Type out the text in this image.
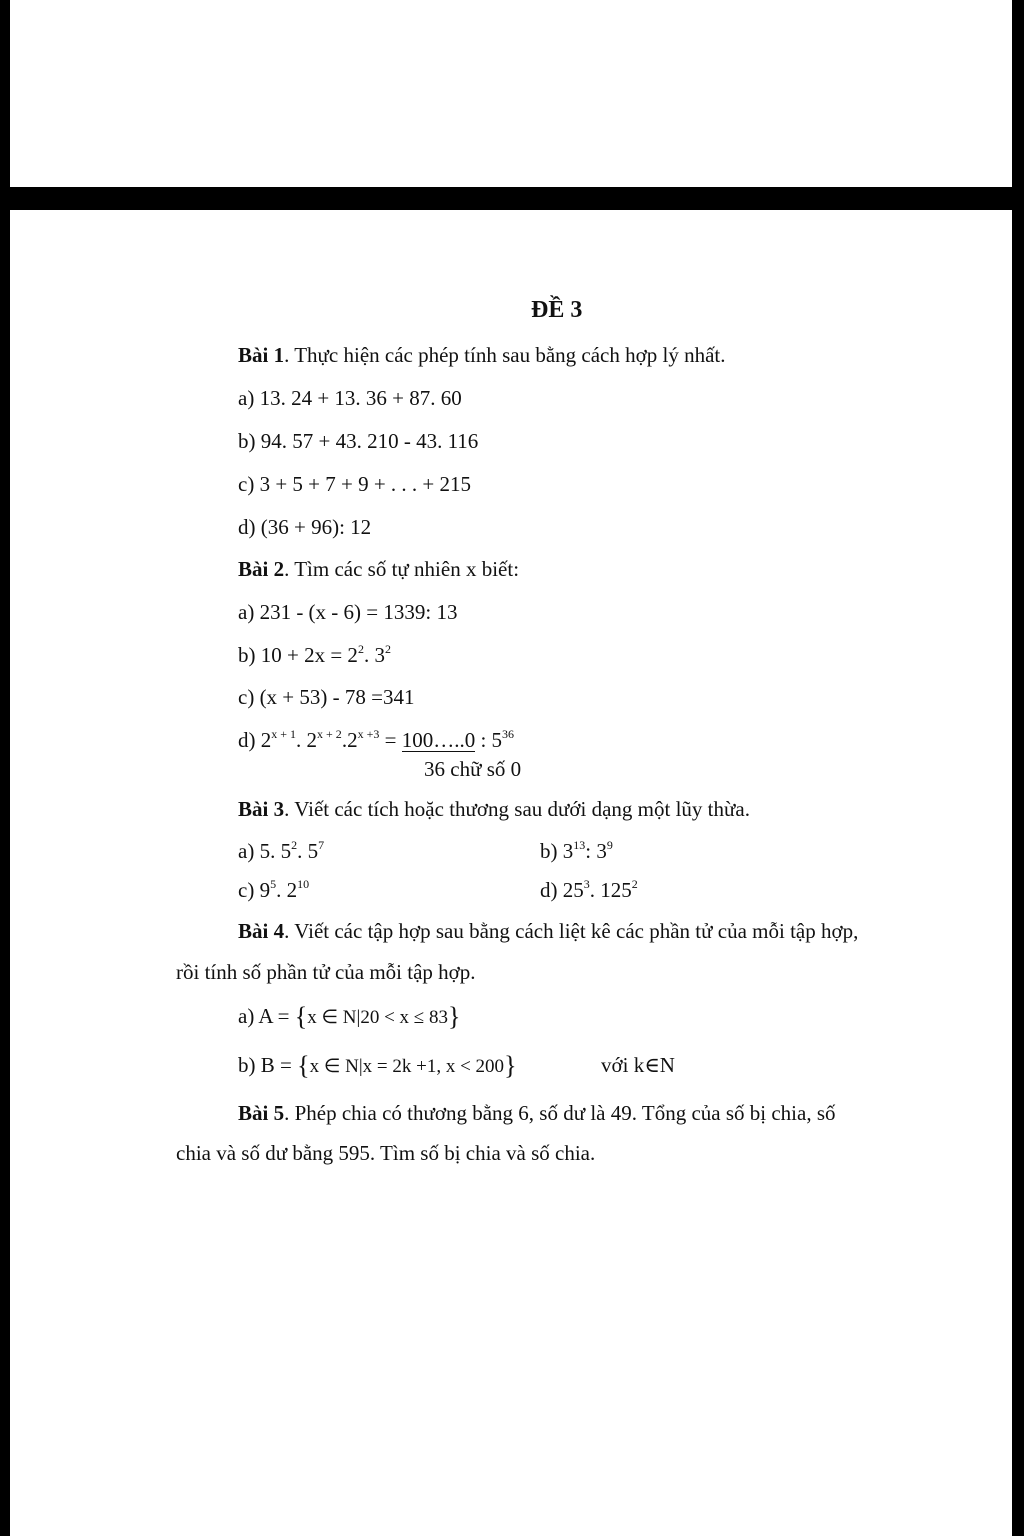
ĐỀ 3
Bài 1. Thực hiện các phép tính sau bằng cách hợp lý nhất.
a) 13. 24 + 13. 36 + 87. 60
b) 94. 57 + 43. 210 - 43. 116
c) 3 + 5 + 7 + 9 + . . . + 215
d) (36 + 96): 12
Bài 2. Tìm các số tự nhiên x biết:
a) 231 - (x - 6) = 1339: 13
b) $10 + 2x = 2^2$. $3^2$
c) (x + 53) - 78 =341
d) $2^{x + 1}$. $2^{x + 2}.2^{x +3}$ = 100…..0 : $5^{36}$
36 chữ số 0
Bài 3. Viết các tích hoặc thương sau dưới dạng một lũy thừa.
a) 5. $5^2$. $5^7$	b) $3^{13}$: $3^9$
c) $9^5$. $2^{10}$	d) $25^3$. $125^2$
Bài 4. Viết các tập hợp sau bằng cách liệt kê các phần tử của mỗi tập hợp,
rồi tính số phần tử của mỗi tập hợp.
a) A = {x ∈ N|20 < x ≤ 83}
b) B = {x ∈ N|x = 2k +1, x < 200}	với k∈N
Bài 5. Phép chia có thương bằng 6, số dư là 49. Tổng của số bị chia, số
chia và số dư bằng 595. Tìm số bị chia và số chia.
